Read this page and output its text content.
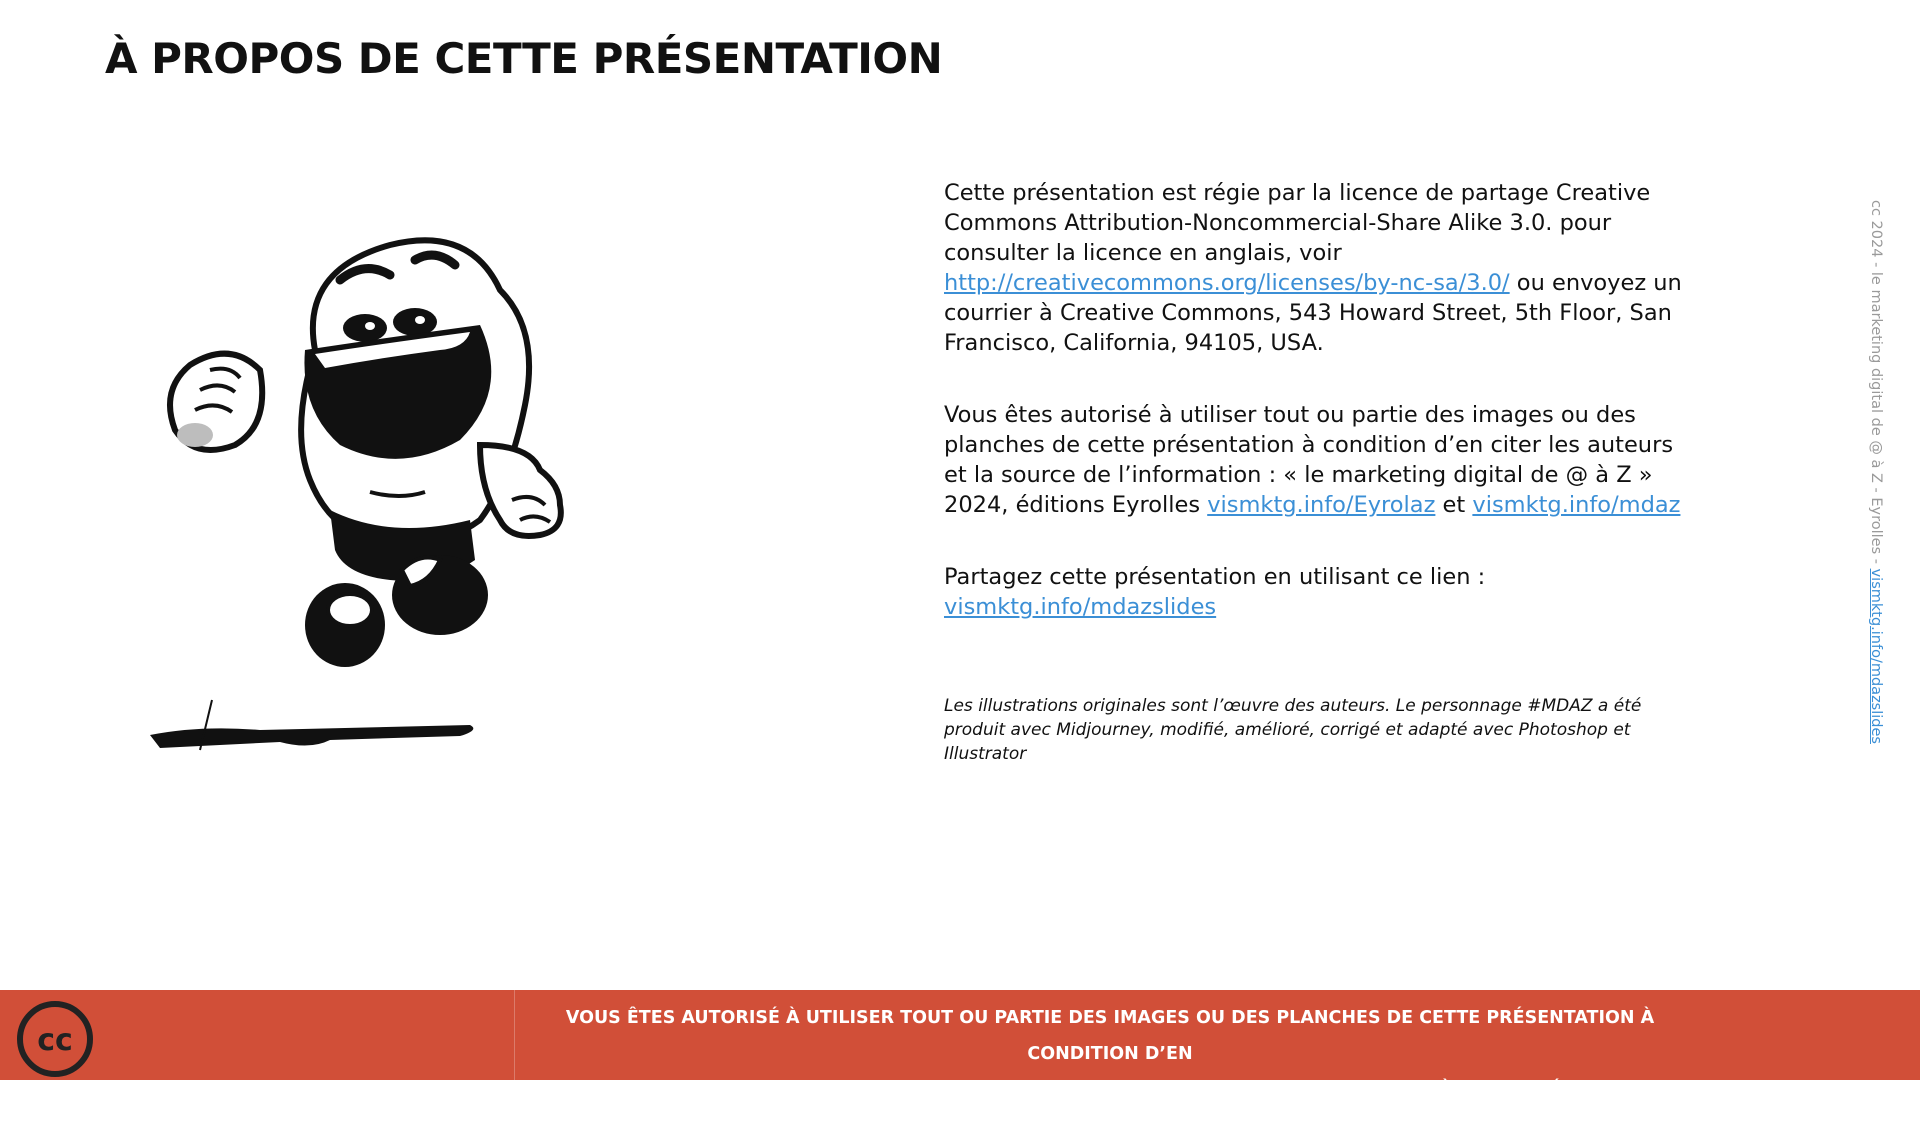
À PROPOS DE CETTE PRÉSENTATION

Cette présentation est régie par la licence de partage Creative Commons Attribution-Noncommercial-Share Alike 3.0. pour consulter la licence en anglais, voir http://creativecommons.org/licenses/by-nc-sa/3.0/ ou envoyez un courrier à Creative Commons, 543 Howard Street, 5th Floor, San Francisco, California, 94105, USA.

Vous êtes autorisé à utiliser tout ou partie des images ou des planches de cette présentation à condition d’en citer les auteurs et la source de l’information : « le marketing digital de @ à Z » 2024, éditions Eyrolles vismktg.info/Eyrolaz et vismktg.info/mdaz

Partagez cette présentation en utilisant ce lien : vismktg.info/mdazslides

Les illustrations originales sont l’œuvre des auteurs. Le personnage #MDAZ a été produit avec Midjourney, modifié, amélioré, corrigé et adapté avec Photoshop et Illustrator

cc 2024 - le marketing digital de @ à Z - Eyrolles - vismktg.info/mdazslides
cc
VOUS ÊTES AUTORISÉ À UTILISER TOUT OU PARTIE DES IMAGES OU DES PLANCHES DE CETTE PRÉSENTATION À CONDITION D’EN
CITER LES AUTEURS ET LA SOURCE DE L’INFORMATION : « LE MARKETING DIGITAL DE @ À Z » 2024 ÉDITIONS EYROLLES
